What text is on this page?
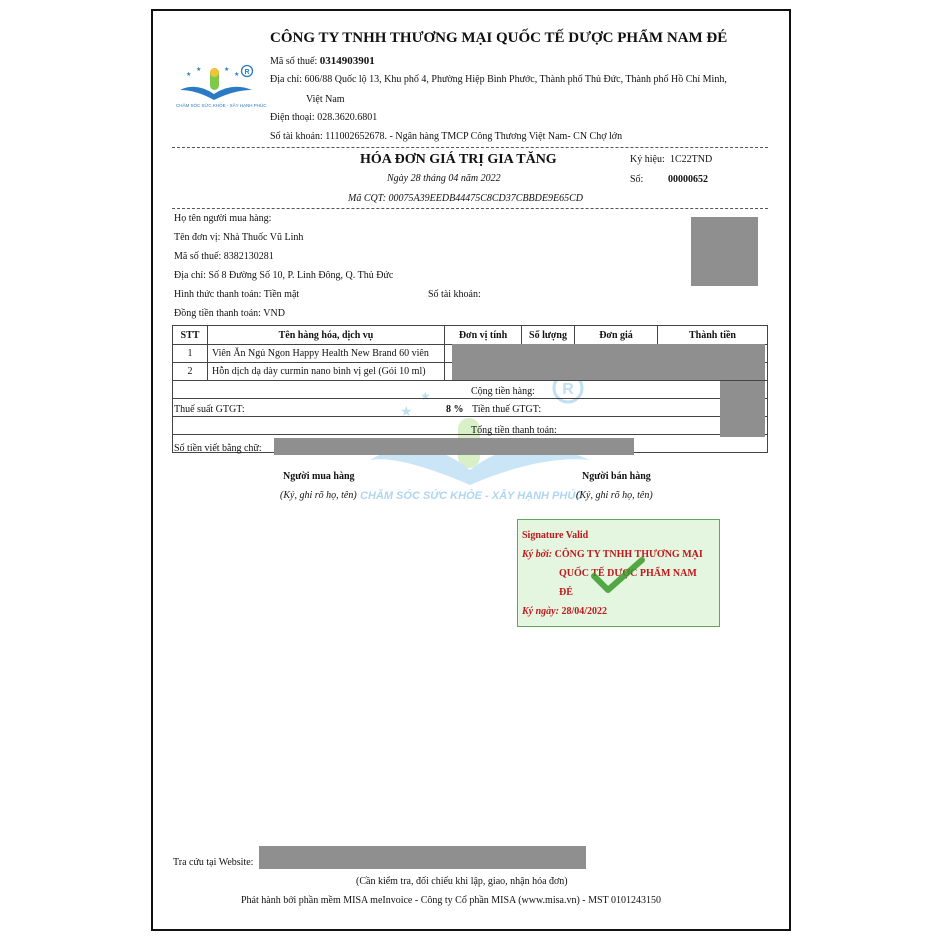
R
★
★
CHĂM SÓC SỨC KHỎE - XÂY HẠNH PHÚC
R
★
★	★
★
CHĂM SÓC SỨC KHỎE - XÂY HẠNH PHÚC
CÔNG TY TNHH THƯƠNG MẠI QUỐC TẾ DƯỢC PHẨM NAM ĐÉ
Mã số thuế: 0314903901
Địa chỉ: 606/88 Quốc lộ 13, Khu phố 4, Phường Hiệp Bình Phước, Thành phố Thủ Đức, Thành phố Hồ Chí Minh,
Việt Nam
Điện thoại: 028.3620.6801
Số tài khoản: 111002652678. - Ngân hàng TMCP Công Thương Việt Nam- CN Chợ lớn
HÓA ĐƠN GIÁ TRỊ GIA TĂNG
Ngày 28 tháng 04 năm 2022
Mã CQT: 00075A39EEDB44475C8CD37CBBDE9E65CD
Ký hiệu: 1C22TND
Số: 00000652
Họ tên người mua hàng:
Tên đơn vị: Nhà Thuốc Vũ Linh
Mã số thuế: 8382130281
Địa chỉ: Số 8 Đường Số 10, P. Linh Đông, Q. Thủ Đức
Hình thức thanh toán: Tiền mặt	Số tài khoản:
Đồng tiền thanh toán: VND
STT	Tên hàng hóa, dịch vụ	Đơn vị tính	Số lượng	Đơn giá	Thành tiền
1	Viên Ăn Ngủ Ngon Happy Health New Brand 60 viên				
2	Hỗn dịch dạ dày curmin nano bình vị gel (Gói 10 ml)				

Cộng tiền hàng:
Thuế suất GTGT:	8 % Tiền thuế GTGT:
Tổng tiền thanh toán:
Số tiền viết bằng chữ:
Người mua hàng
(Ký, ghi rõ họ, tên)
Người bán hàng
(Ký, ghi rõ họ, tên)
Signature Valid
Ký bởi: CÔNG TY TNHH THƯƠNG MẠI
QUỐC TẾ DƯỢC PHẨM NAM
ĐÉ
Ký ngày: 28/04/2022
Tra cứu tại Website:
(Cần kiểm tra, đối chiếu khi lập, giao, nhận hóa đơn)
Phát hành bởi phần mềm MISA meInvoice - Công ty Cổ phần MISA (www.misa.vn) - MST 0101243150
